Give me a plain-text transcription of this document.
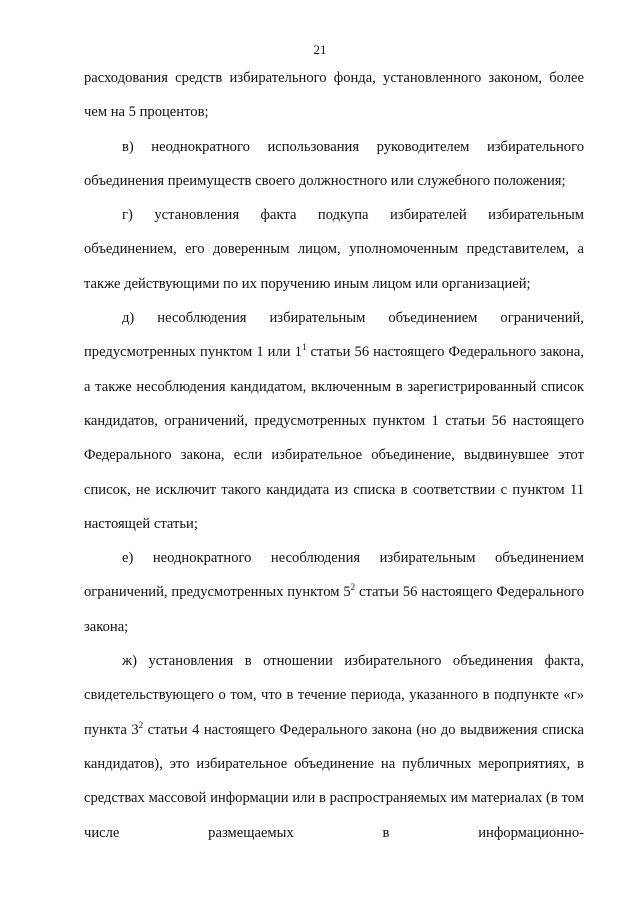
21

расходования средств избирательного фонда, установленного законом, более чем на 5 процентов;

в) неоднократного использования руководителем избирательного объединения преимуществ своего должностного или служебного положения;

г) установления факта подкупа избирателей избирательным объединением, его доверенным лицом, уполномоченным представителем, а также действующими по их поручению иным лицом или организацией;

д) несоблюдения избирательным объединением ограничений, предусмотренных пунктом 1 или $1^1$ статьи 56 настоящего Федерального закона, а также несоблюдения кандидатом, включенным в зарегистрированный список кандидатов, ограничений, предусмотренных пунктом 1 статьи 56 настоящего Федерального закона, если избирательное объединение, выдвинувшее этот список, не исключит такого кандидата из списка в соответствии с пунктом 11 настоящей статьи;

е) неоднократного несоблюдения избирательным объединением ограничений, предусмотренных пунктом $5^2$ статьи 56 настоящего Федерального закона;

ж) установления в отношении избирательного объединения факта, свидетельствующего о том, что в течение периода, указанного в подпункте «г» пункта $3^2$ статьи 4 настоящего Федерального закона (но до выдвижения списка кандидатов), это избирательное объединение на публичных мероприятиях, в средствах массовой информации или в распространяемых им материалах (в том числе размещаемых в информационно-
